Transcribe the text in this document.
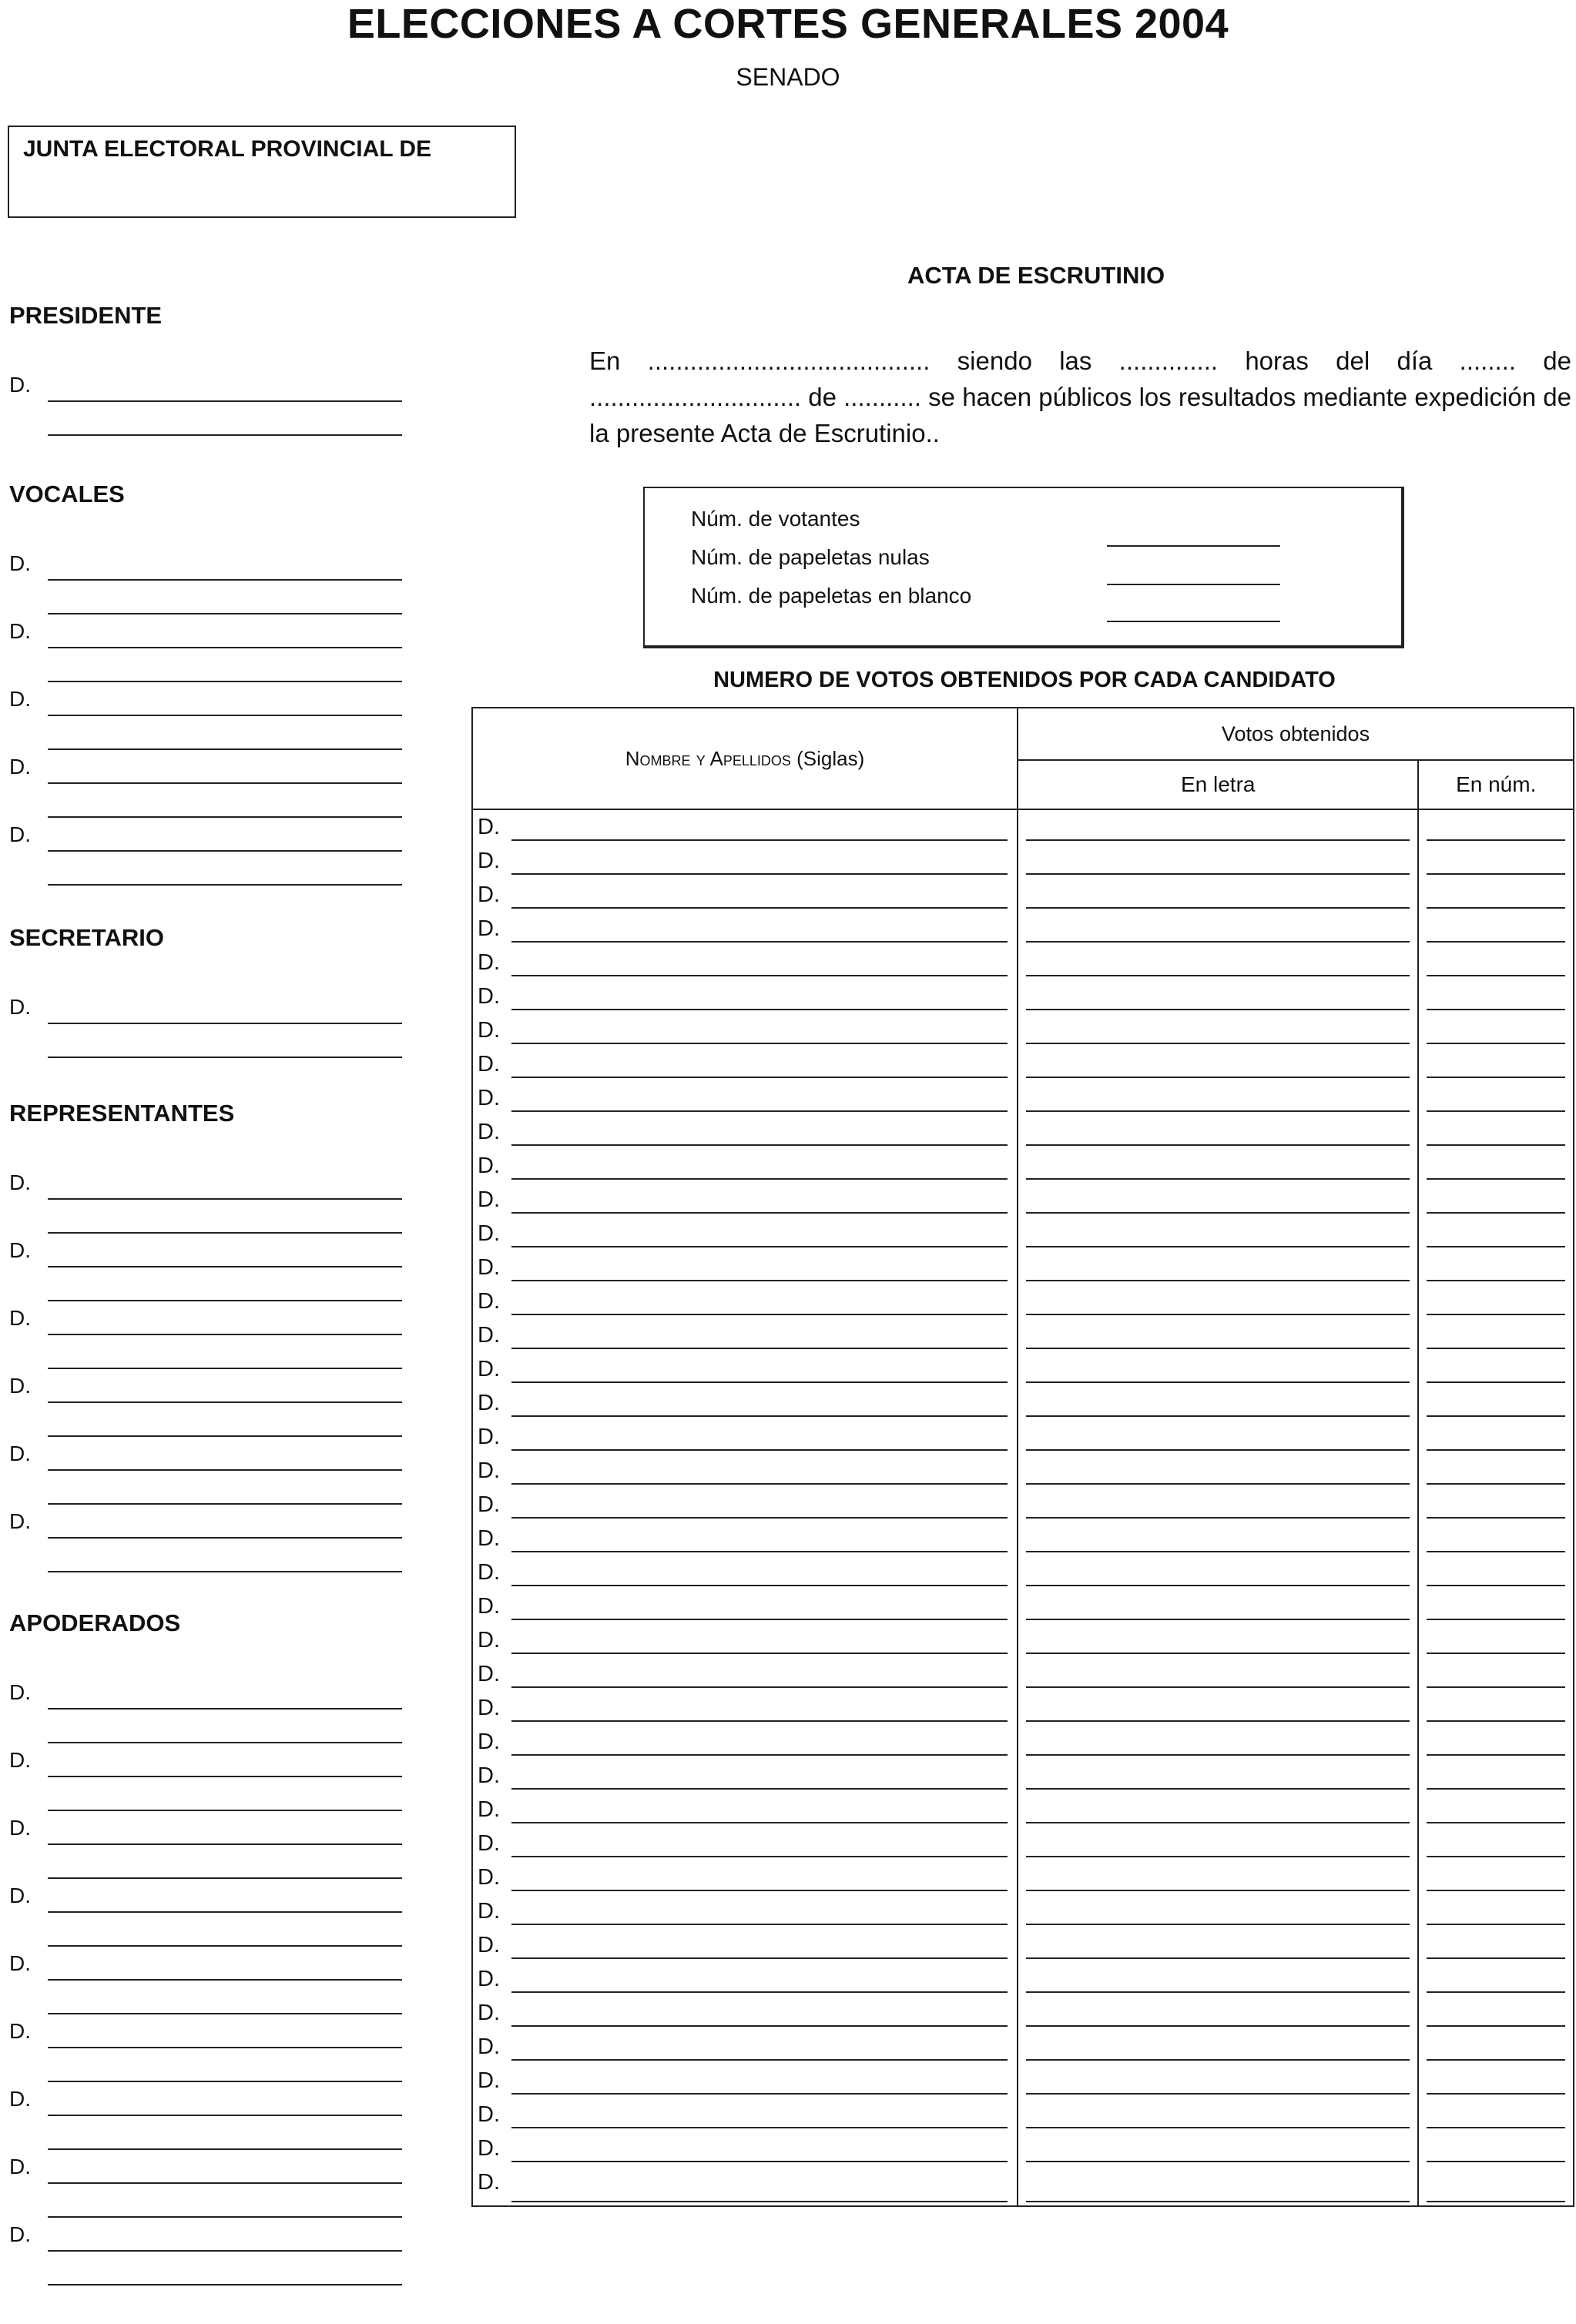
ELECCIONES A CORTES GENERALES 2004
SENADO
JUNTA ELECTORAL PROVINCIAL DE
PRESIDENTE
D.
VOCALES
D.
D.
D.
D.
D.
SECRETARIO
D.
REPRESENTANTES
D.
D.
D.
D.
D.
D.
APODERADOS
D.
D.
D.
D.
D.
D.
D.
D.
D.
ACTA DE ESCRUTINIO
En ........................................ siendo las .............. horas del día ........ de .............................. de ........... se hacen públicos los resultados mediante expedición de la presente Acta de Escrutinio..
Núm. de votantes
Núm. de papeletas nulas
Núm. de papeletas en blanco
NUMERO DE VOTOS OBTENIDOS POR CADA CANDIDATO
Nombre y Apellidos (Siglas)	Votos obtenidos	
	En letra	En núm.

D.		

D.		

D.		

D.		

D.		

D.		

D.		

D.		

D.		

D.		

D.		

D.		

D.		

D.		

D.		

D.		

D.		

D.		

D.		

D.		

D.		

D.		

D.		

D.		

D.		

D.		

D.		

D.		

D.		

D.		

D.		

D.		

D.		

D.		

D.		

D.		

D.		

D.		

D.		

D.		

D.		
